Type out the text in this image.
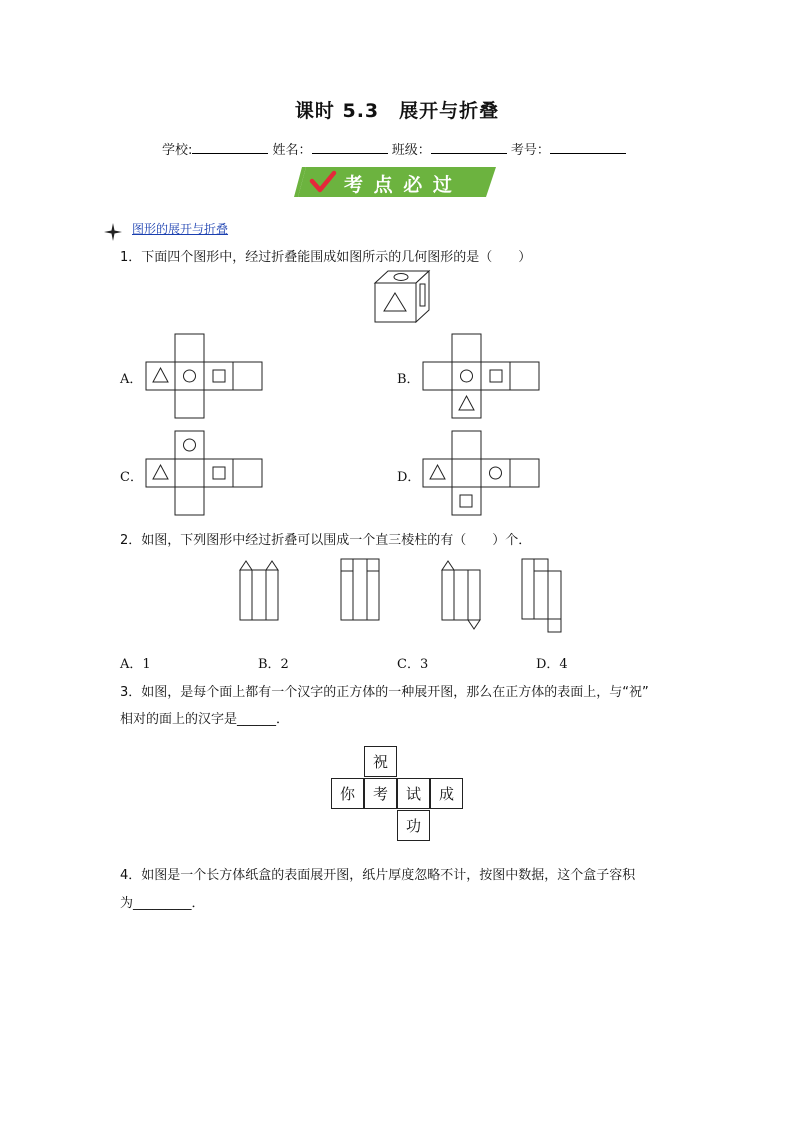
课时 5.3　展开与折叠
学校:	姓名：	班级：	考号：
考 点 必 过
图形的展开与折叠
1．下面四个图形中，经过折叠能围成如图所示的几何图形的是（　　）
A．	B．
C．	D．
2．如图，下列图形中经过折叠可以围成一个直三棱柱的有（　　）个．
A．1	B．2	C．3	D．4
3．如图，是每个面上都有一个汉字的正方体的一种展开图，那么在正方体的表面上，与“祝”
相对的面上的汉字是______．
祝
你	考	试	成
功
4．如图是一个长方体纸盒的表面展开图，纸片厚度忽略不计，按图中数据，这个盒子容积
为_________．
